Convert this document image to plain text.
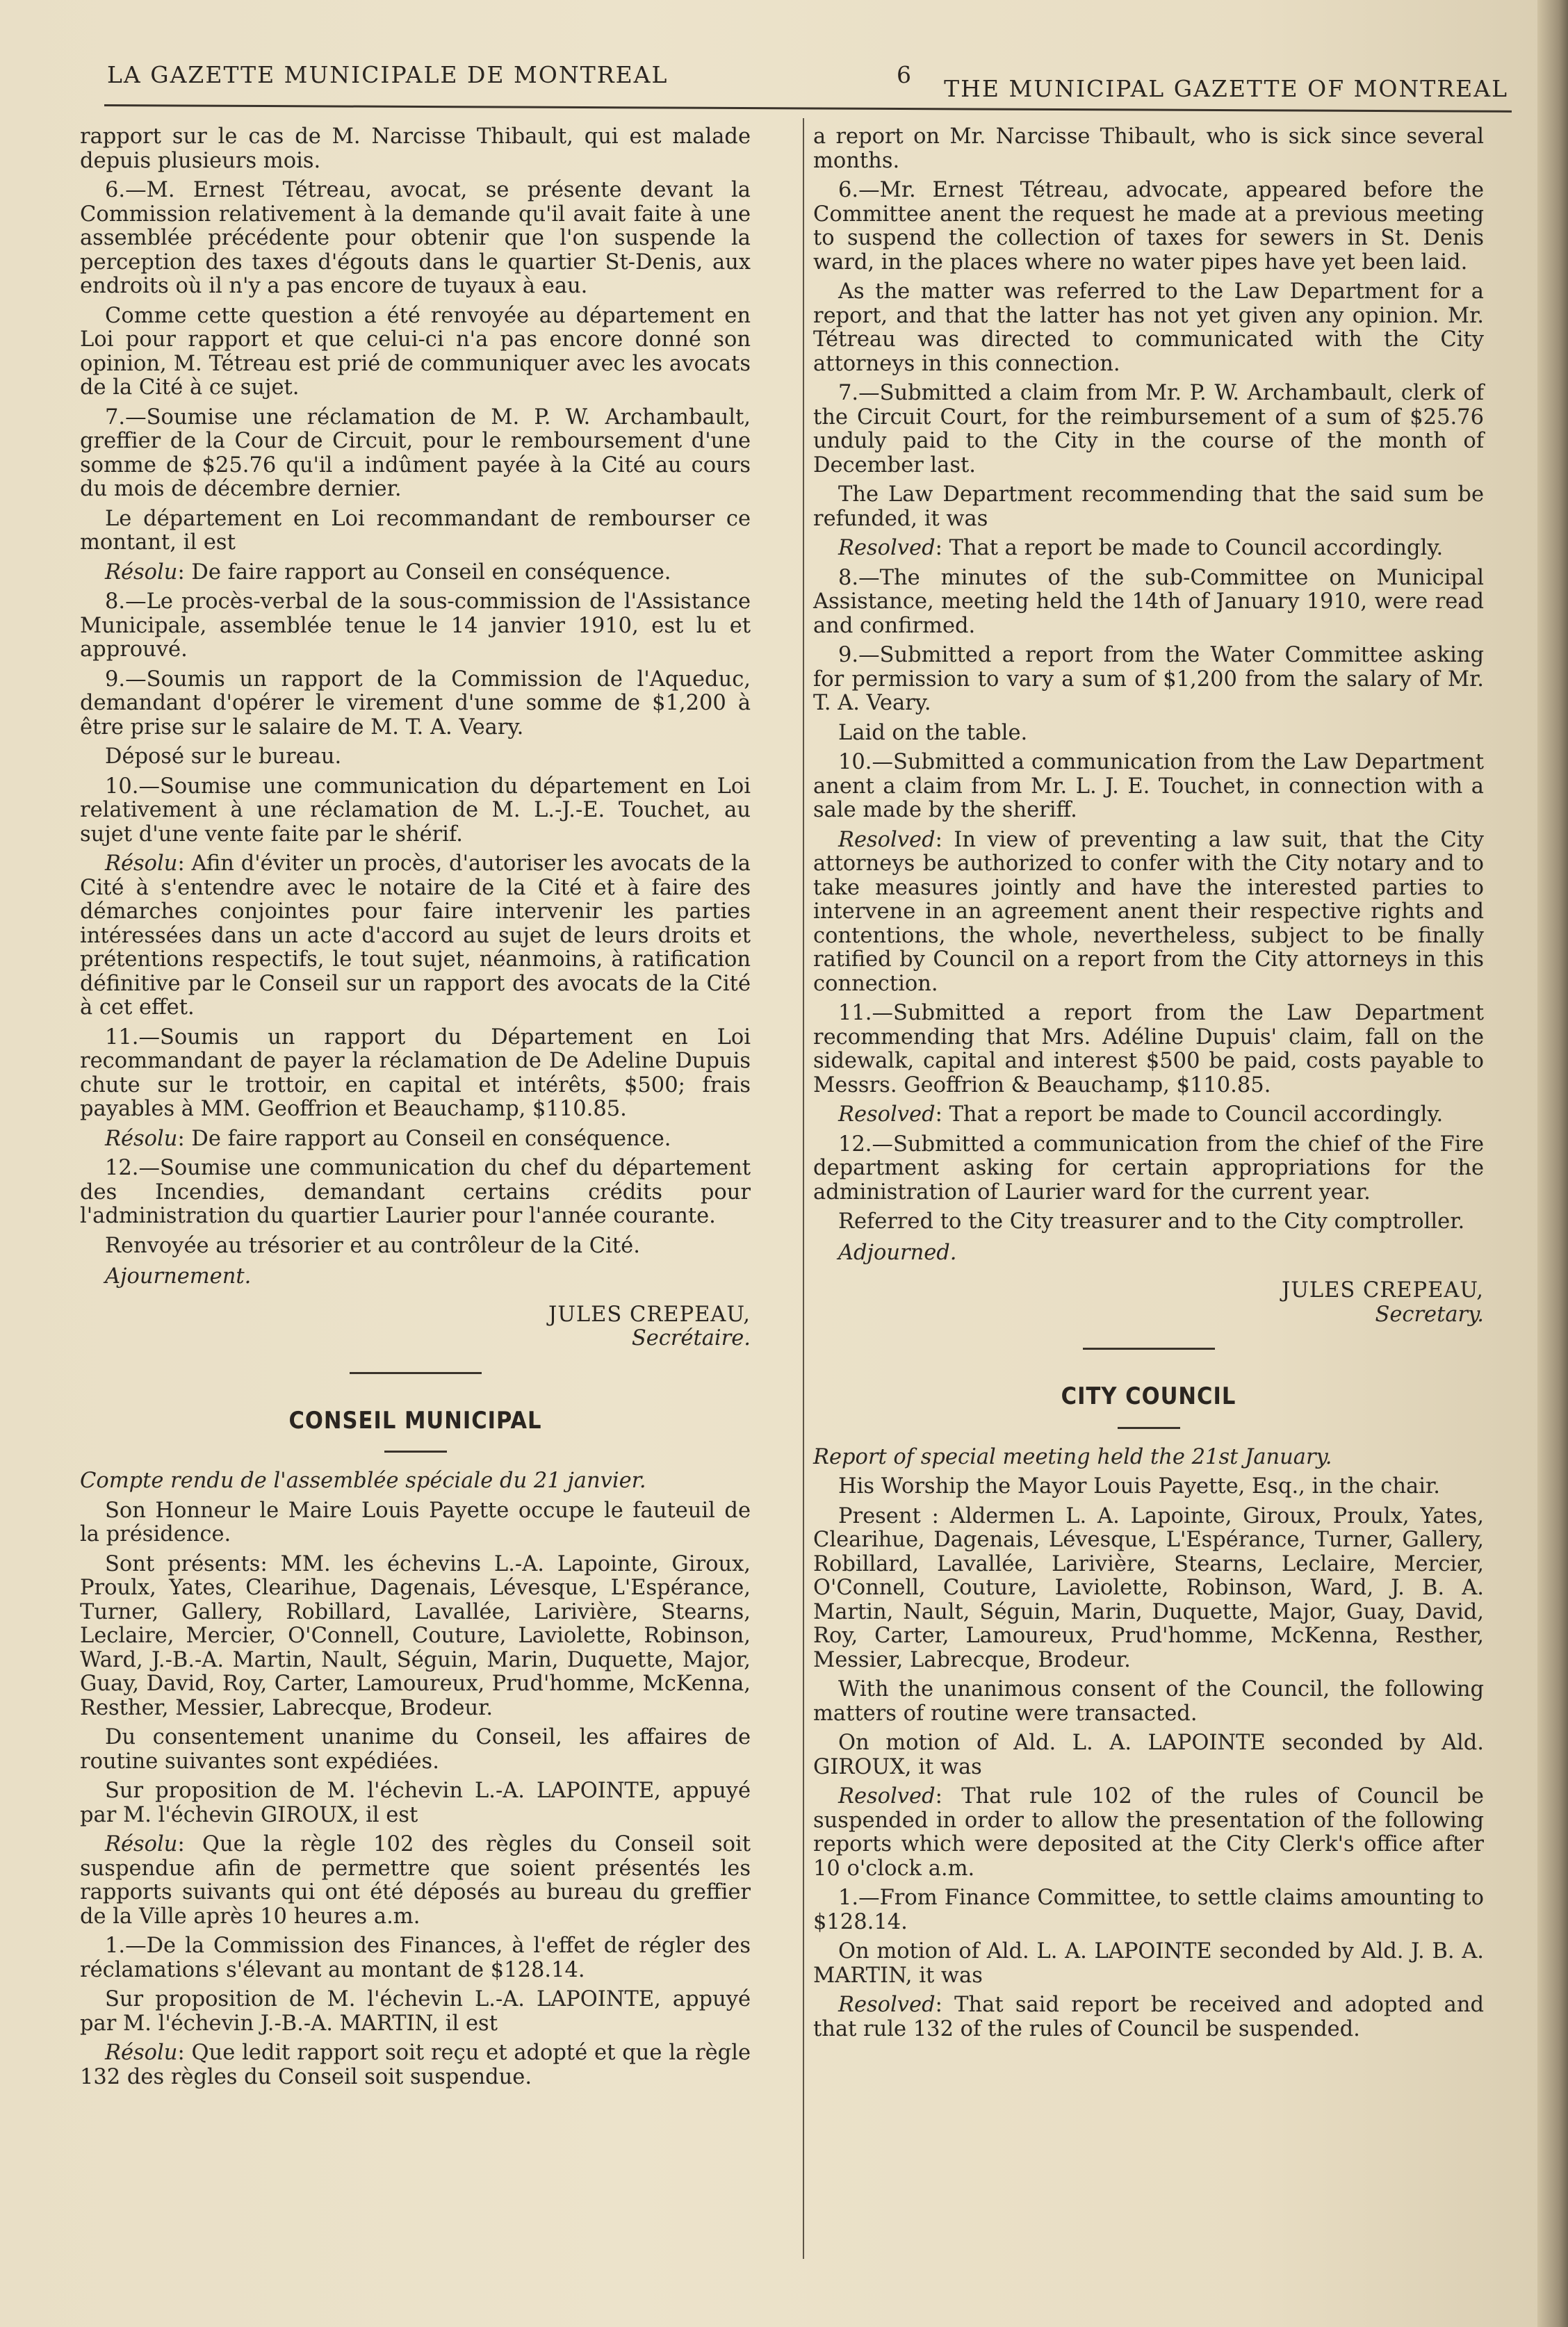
LA GAZETTE MUNICIPALE DE MONTREAL	6
THE MUNICIPAL GAZETTE OF MONTREAL

rapport sur le cas de M. Narcisse Thibault, qui est malade depuis plusieurs mois.

6.—M. Ernest Tétreau, avocat, se présente devant la Commission relativement à la demande qu'il avait faite à une assemblée précédente pour obtenir que l'on suspende la perception des taxes d'égouts dans le quartier St-Denis, aux endroits où il n'y a pas encore de tuyaux à eau.

Comme cette question a été renvoyée au département en Loi pour rapport et que celui-ci n'a pas encore donné son opinion, M. Tétreau est prié de communiquer avec les avocats de la Cité à ce sujet.

7.—Soumise une réclamation de M. P. W. Archambault, greffier de la Cour de Circuit, pour le remboursement d'une somme de $25.76 qu'il a indûment payée à la Cité au cours du mois de décembre dernier.

Le département en Loi recommandant de rembourser ce montant, il est

Résolu: De faire rapport au Conseil en conséquence.

8.—Le procès-verbal de la sous-commission de l'Assistance Municipale, assemblée tenue le 14 janvier 1910, est lu et approuvé.

9.—Soumis un rapport de la Commission de l'Aqueduc, demandant d'opérer le virement d'une somme de $1,200 à être prise sur le salaire de M. T. A. Veary.

Déposé sur le bureau.

10.—Soumise une communication du département en Loi relativement à une réclamation de M. L.-J.-E. Touchet, au sujet d'une vente faite par le shérif.

Résolu: Afin d'éviter un procès, d'autoriser les avocats de la Cité à s'entendre avec le notaire de la Cité et à faire des démarches conjointes pour faire intervenir les parties intéressées dans un acte d'accord au sujet de leurs droits et prétentions respectifs, le tout sujet, néanmoins, à ratification définitive par le Conseil sur un rapport des avocats de la Cité à cet effet.

11.—Soumis un rapport du Département en Loi recommandant de payer la réclamation de De Adeline Dupuis chute sur le trottoir, en capital et intérêts, $500; frais payables à MM. Geoffrion et Beauchamp, $110.85.

Résolu: De faire rapport au Conseil en conséquence.

12.—Soumise une communication du chef du département des Incendies, demandant certains crédits pour l'administration du quartier Laurier pour l'année courante.

Renvoyée au trésorier et au contrôleur de la Cité.

Ajournement.

JULES CREPEAU,

Secrétaire.

CONSEIL MUNICIPAL

Compte rendu de l'assemblée spéciale du 21 janvier.

Son Honneur le Maire Louis Payette occupe le fauteuil de la présidence.

Sont présents: MM. les échevins L.-A. Lapointe, Giroux, Proulx, Yates, Clearihue, Dagenais, Lévesque, L'Espérance, Turner, Gallery, Robillard, Lavallée, Larivière, Stearns, Leclaire, Mercier, O'Connell, Couture, Laviolette, Robinson, Ward, J.-B.-A. Martin, Nault, Séguin, Marin, Duquette, Major, Guay, David, Roy, Carter, Lamoureux, Prud'homme, McKenna, Resther, Messier, Labrecque, Brodeur.

Du consentement unanime du Conseil, les affaires de routine suivantes sont expédiées.

Sur proposition de M. l'échevin L.-A. LAPOINTE, appuyé par M. l'échevin GIROUX, il est

Résolu: Que la règle 102 des règles du Conseil soit suspendue afin de permettre que soient présentés les rapports suivants qui ont été déposés au bureau du greffier de la Ville après 10 heures a.m.

1.—De la Commission des Finances, à l'effet de régler des réclamations s'élevant au montant de $128.14.

Sur proposition de M. l'échevin L.-A. LAPOINTE, appuyé par M. l'échevin J.-B.-A. MARTIN, il est

Résolu: Que ledit rapport soit reçu et adopté et que la règle 132 des règles du Conseil soit suspendue.

a report on Mr. Narcisse Thibault, who is sick since several months.

6.—Mr. Ernest Tétreau, advocate, appeared before the Committee anent the request he made at a previous meeting to suspend the collection of taxes for sewers in St. Denis ward, in the places where no water pipes have yet been laid.

As the matter was referred to the Law Department for a report, and that the latter has not yet given any opinion. Mr. Tétreau was directed to communicated with the City attorneys in this connection.

7.—Submitted a claim from Mr. P. W. Archambault, clerk of the Circuit Court, for the reimbursement of a sum of $25.76 unduly paid to the City in the course of the month of December last.

The Law Department recommending that the said sum be refunded, it was

Resolved: That a report be made to Council accordingly.

8.—The minutes of the sub-Committee on Municipal Assistance, meeting held the 14th of January 1910, were read and confirmed.

9.—Submitted a report from the Water Committee asking for permission to vary a sum of $1,200 from the salary of Mr. T. A. Veary.

Laid on the table.

10.—Submitted a communication from the Law Department anent a claim from Mr. L. J. E. Touchet, in connection with a sale made by the sheriff.

Resolved: In view of preventing a law suit, that the City attorneys be authorized to confer with the City notary and to take measures jointly and have the interested parties to intervene in an agreement anent their respective rights and contentions, the whole, nevertheless, subject to be finally ratified by Council on a report from the City attorneys in this connection.

11.—Submitted a report from the Law Department recommending that Mrs. Adéline Dupuis' claim, fall on the sidewalk, capital and interest $500 be paid, costs payable to Messrs. Geoffrion & Beauchamp, $110.85.

Resolved: That a report be made to Council accordingly.

12.—Submitted a communication from the chief of the Fire department asking for certain appropriations for the administration of Laurier ward for the current year.

Referred to the City treasurer and to the City comptroller.

Adjourned.

JULES CREPEAU,

Secretary.

CITY COUNCIL

Report of special meeting held the 21st January.

His Worship the Mayor Louis Payette, Esq., in the chair.

Present : Aldermen L. A. Lapointe, Giroux, Proulx, Yates, Clearihue, Dagenais, Lévesque, L'Espérance, Turner, Gallery, Robillard, Lavallée, Larivière, Stearns, Leclaire, Mercier, O'Connell, Couture, Laviolette, Robinson, Ward, J. B. A. Martin, Nault, Séguin, Marin, Duquette, Major, Guay, David, Roy, Carter, Lamoureux, Prud'homme, McKenna, Resther, Messier, Labrecque, Brodeur.

With the unanimous consent of the Council, the following matters of routine were transacted.

On motion of Ald. L. A. LAPOINTE seconded by Ald. GIROUX, it was

Resolved: That rule 102 of the rules of Council be suspended in order to allow the presentation of the following reports which were deposited at the City Clerk's office after 10 o'clock a.m.

1.—From Finance Committee, to settle claims amounting to $128.14.

On motion of Ald. L. A. LAPOINTE seconded by Ald. J. B. A. MARTIN, it was

Resolved: That said report be received and adopted and that rule 132 of the rules of Council be suspended.
